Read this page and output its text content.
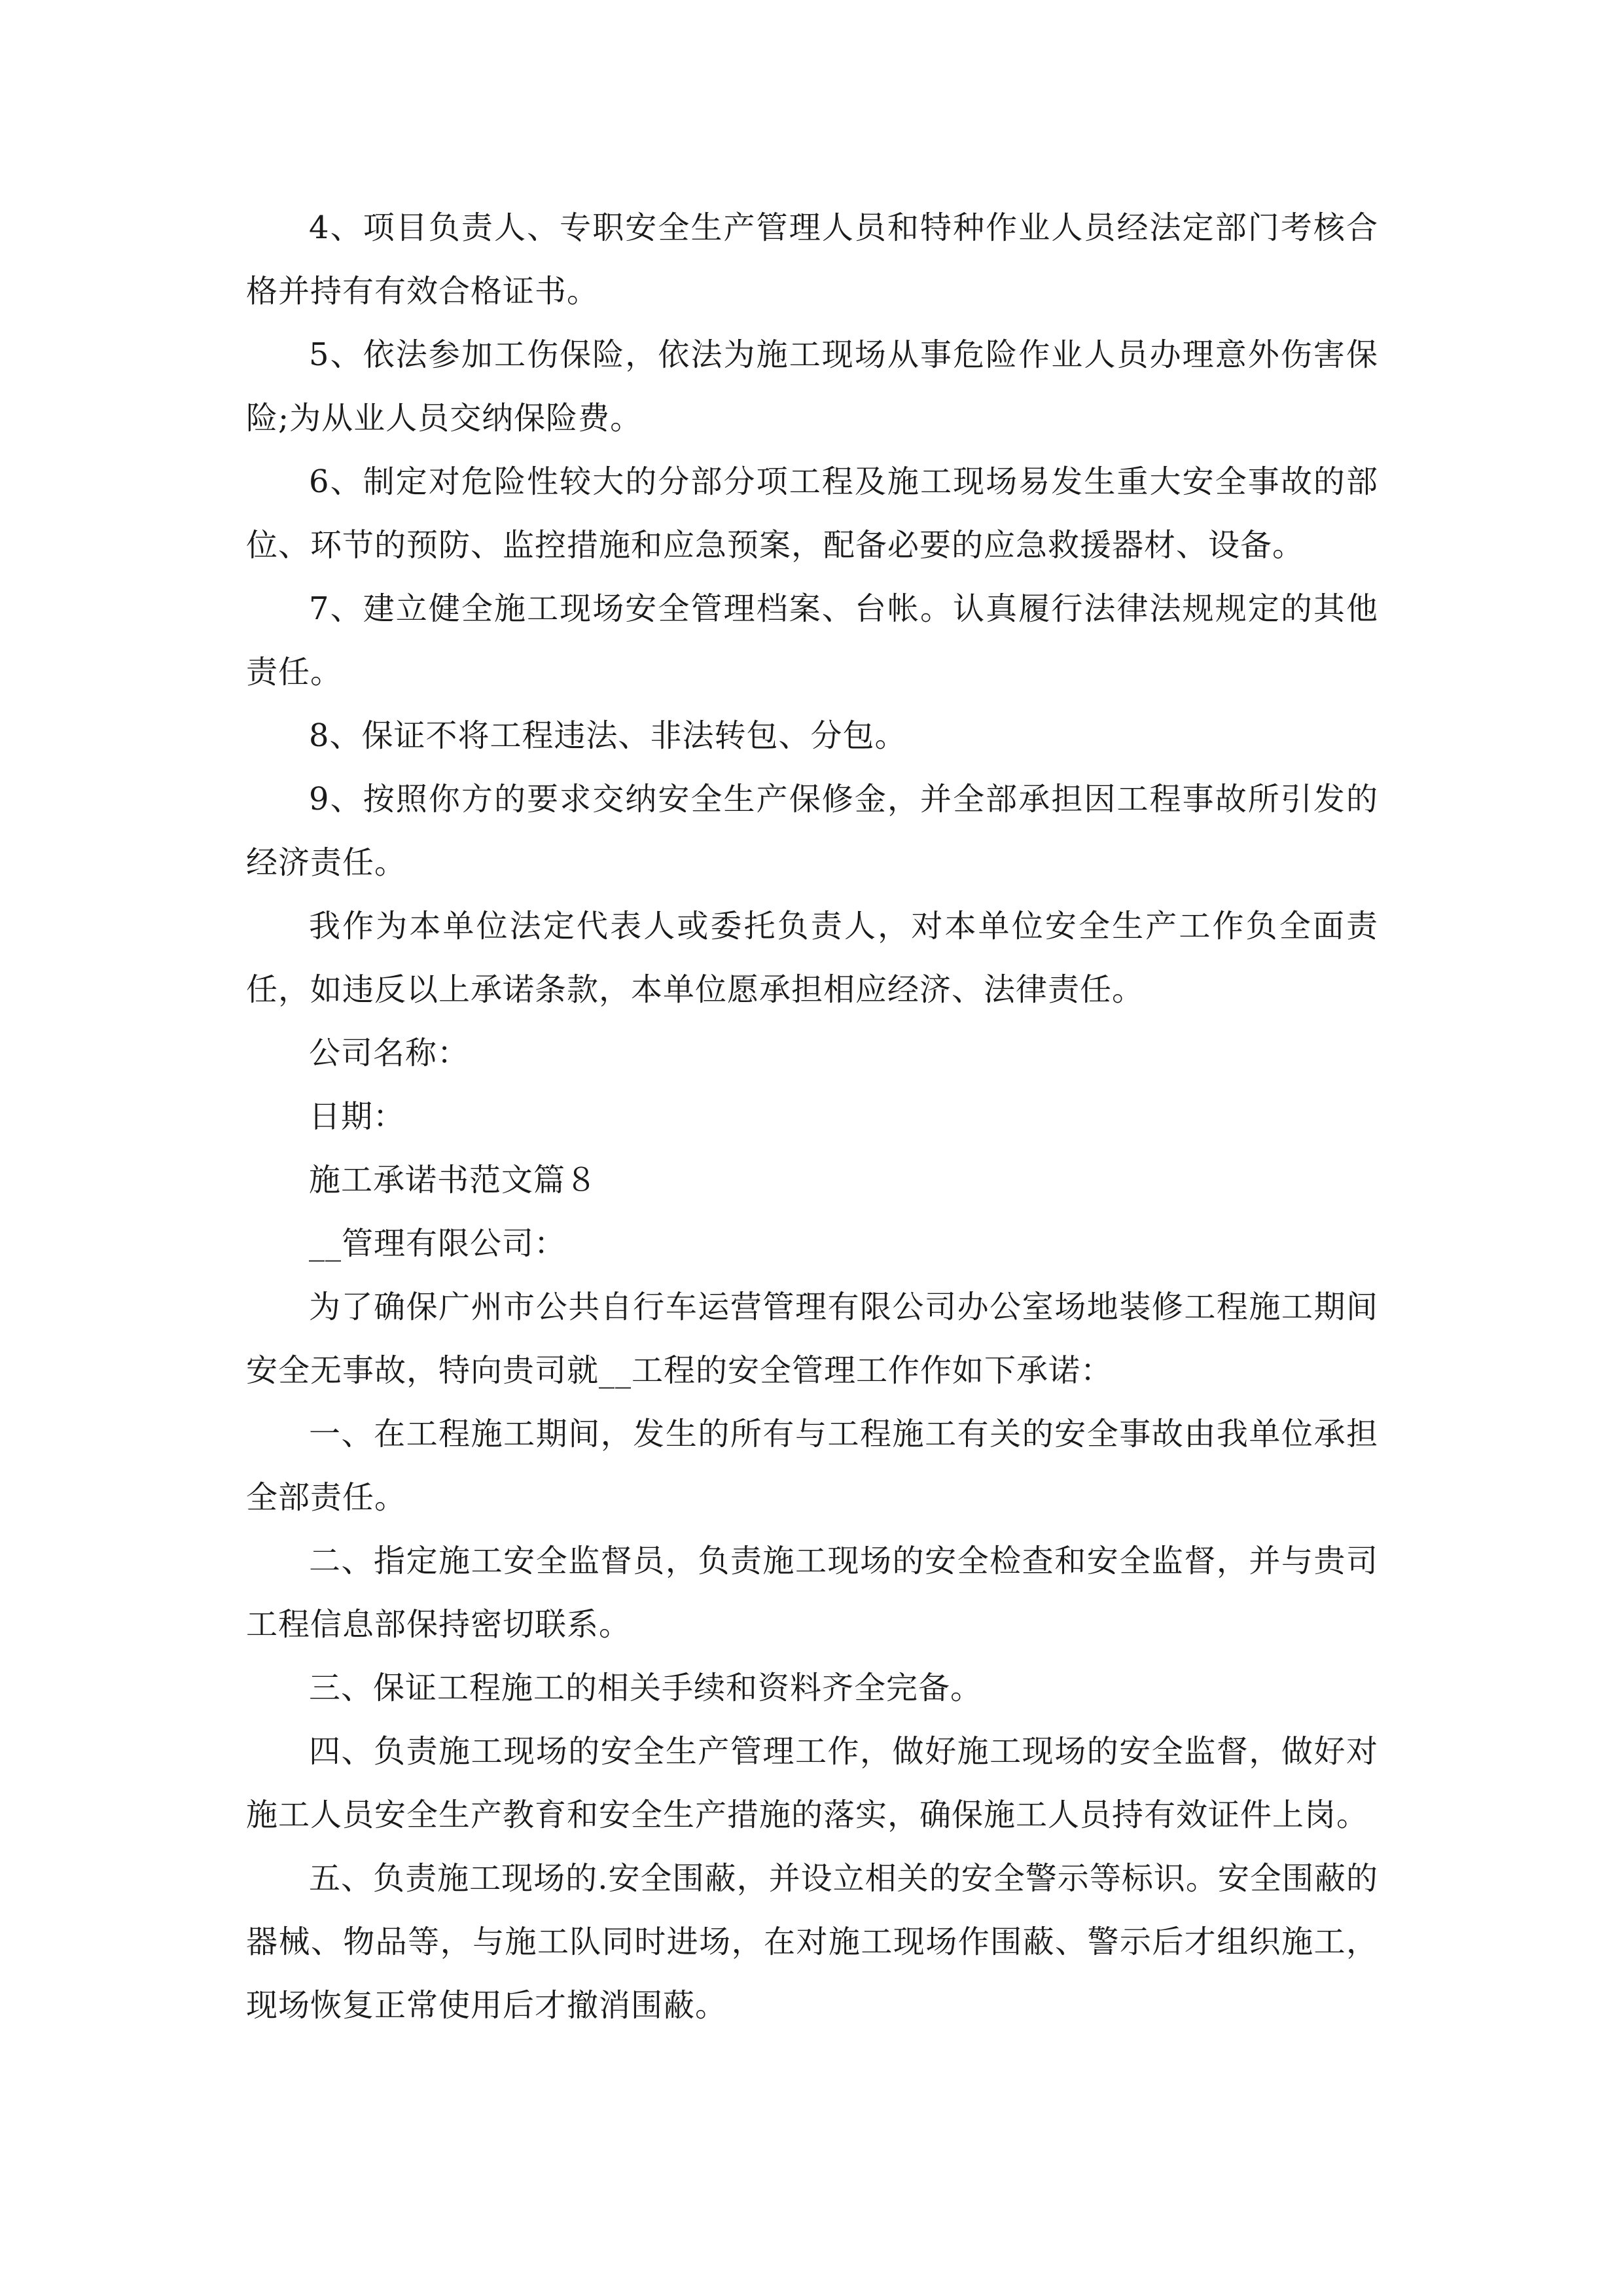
4、项目负责人、专职安全生产管理人员和特种作业人员经法定部门考核合格并持有有效合格证书。

5、依法参加工伤保险，依法为施工现场从事危险作业人员办理意外伤害保险;为从业人员交纳保险费。

6、制定对危险性较大的分部分项工程及施工现场易发生重大安全事故的部位、环节的预防、监控措施和应急预案，配备必要的应急救援器材、设备。

7、建立健全施工现场安全管理档案、台帐。认真履行法律法规规定的其他责任。

8、保证不将工程违法、非法转包、分包。

9、按照你方的要求交纳安全生产保修金，并全部承担因工程事故所引发的经济责任。

我作为本单位法定代表人或委托负责人，对本单位安全生产工作负全面责任，如违反以上承诺条款，本单位愿承担相应经济、法律责任。

公司名称：

日期：

施工承诺书范文篇８

__管理有限公司：

为了确保广州市公共自行车运营管理有限公司办公室场地装修工程施工期间安全无事故，特向贵司就__工程的安全管理工作作如下承诺：

一、在工程施工期间，发生的所有与工程施工有关的安全事故由我单位承担全部责任。

二、指定施工安全监督员，负责施工现场的安全检查和安全监督，并与贵司工程信息部保持密切联系。

三、保证工程施工的相关手续和资料齐全完备。

四、负责施工现场的安全生产管理工作，做好施工现场的安全监督，做好对施工人员安全生产教育和安全生产措施的落实，确保施工人员持有效证件上岗。

五、负责施工现场的.安全围蔽，并设立相关的安全警示等标识。安全围蔽的器械、物品等，与施工队同时进场，在对施工现场作围蔽、警示后才组织施工，现场恢复正常使用后才撤消围蔽。
